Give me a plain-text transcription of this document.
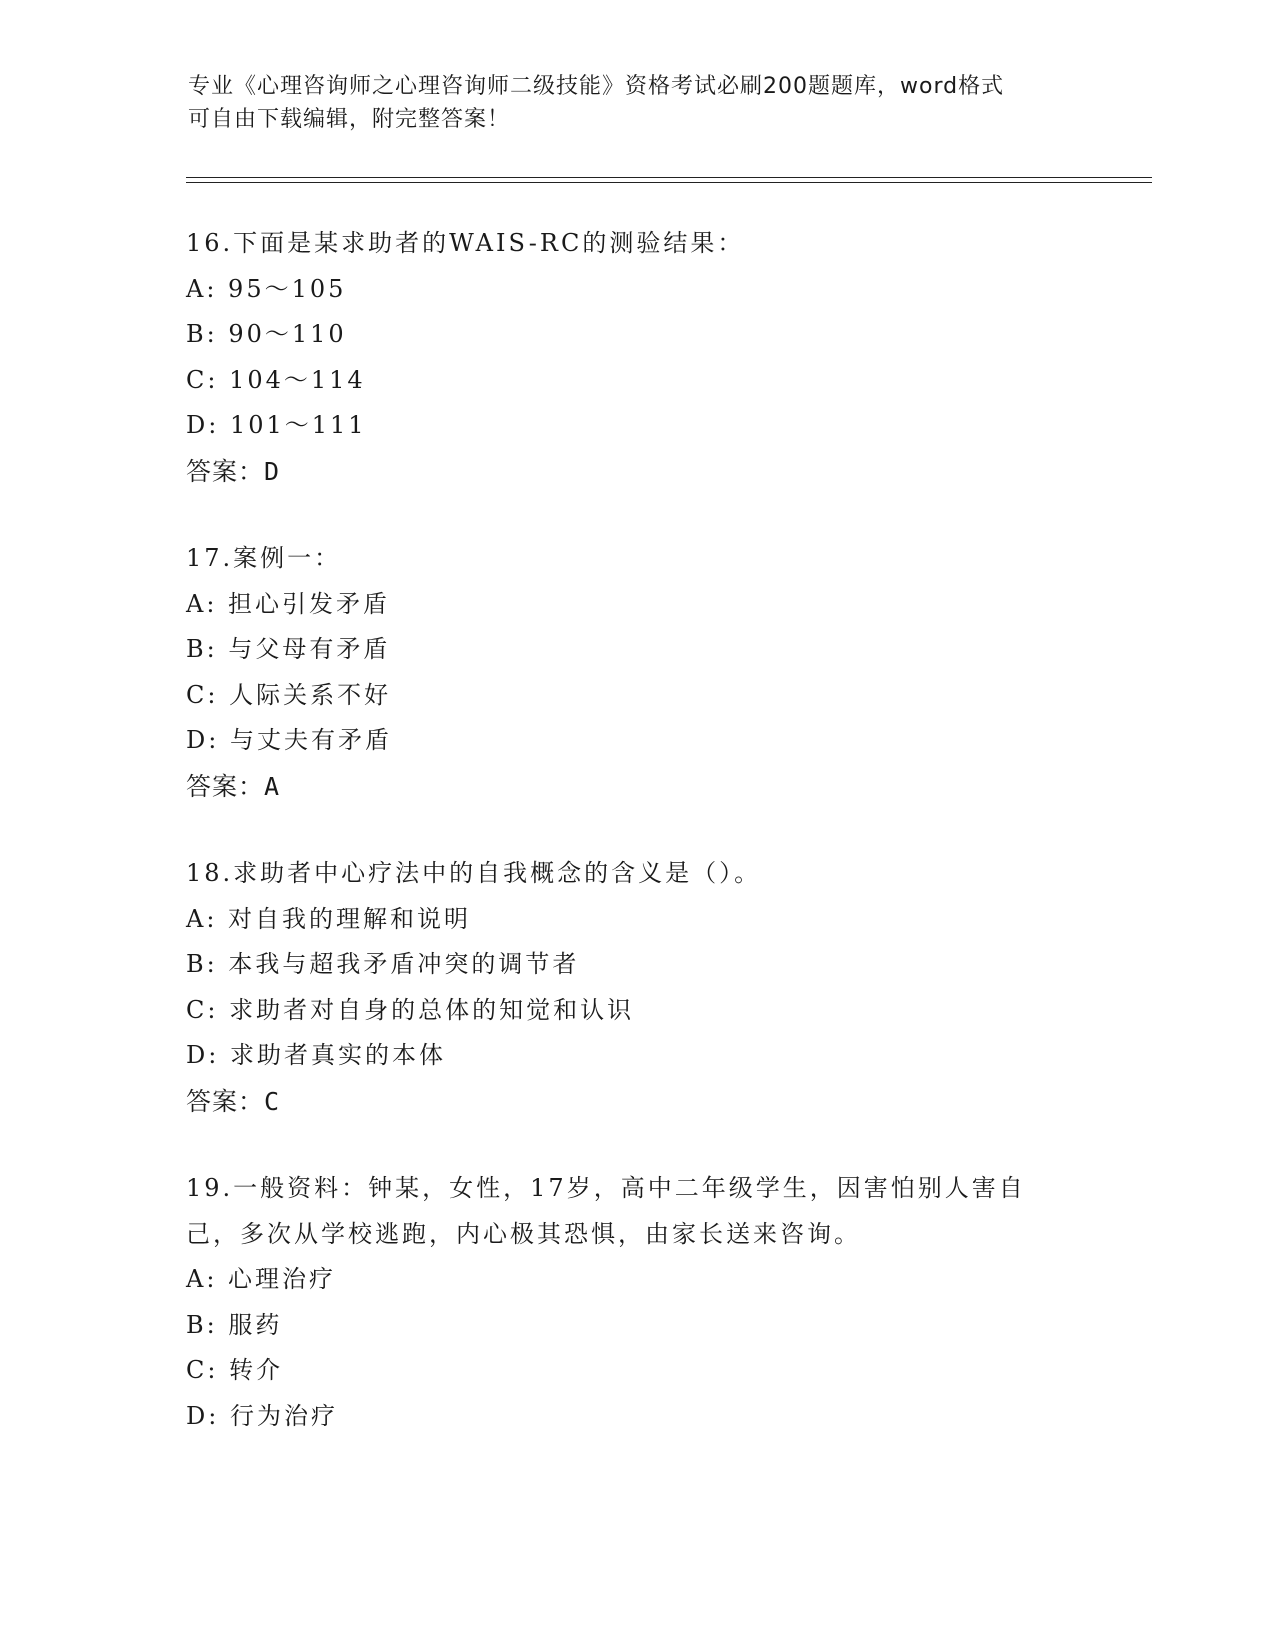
专业《心理咨询师之心理咨询师二级技能》资格考试必刷200题题库，word格式
可自由下载编辑，附完整答案！
16.下面是某求助者的WAIS-RC的测验结果：
A: 95～105
B: 90～110
C: 104～114
D: 101～111
答案：D
17.案例一：
A: 担心引发矛盾
B: 与父母有矛盾
C: 人际关系不好
D: 与丈夫有矛盾
答案：A
18.求助者中心疗法中的自我概念的含义是（）。
A: 对自我的理解和说明
B: 本我与超我矛盾冲突的调节者
C: 求助者对自身的总体的知觉和认识
D: 求助者真实的本体
答案：C
19.一般资料：钟某，女性，17岁，高中二年级学生，因害怕别人害自
己，多次从学校逃跑，内心极其恐惧，由家长送来咨询。
A: 心理治疗
B: 服药
C: 转介
D: 行为治疗
